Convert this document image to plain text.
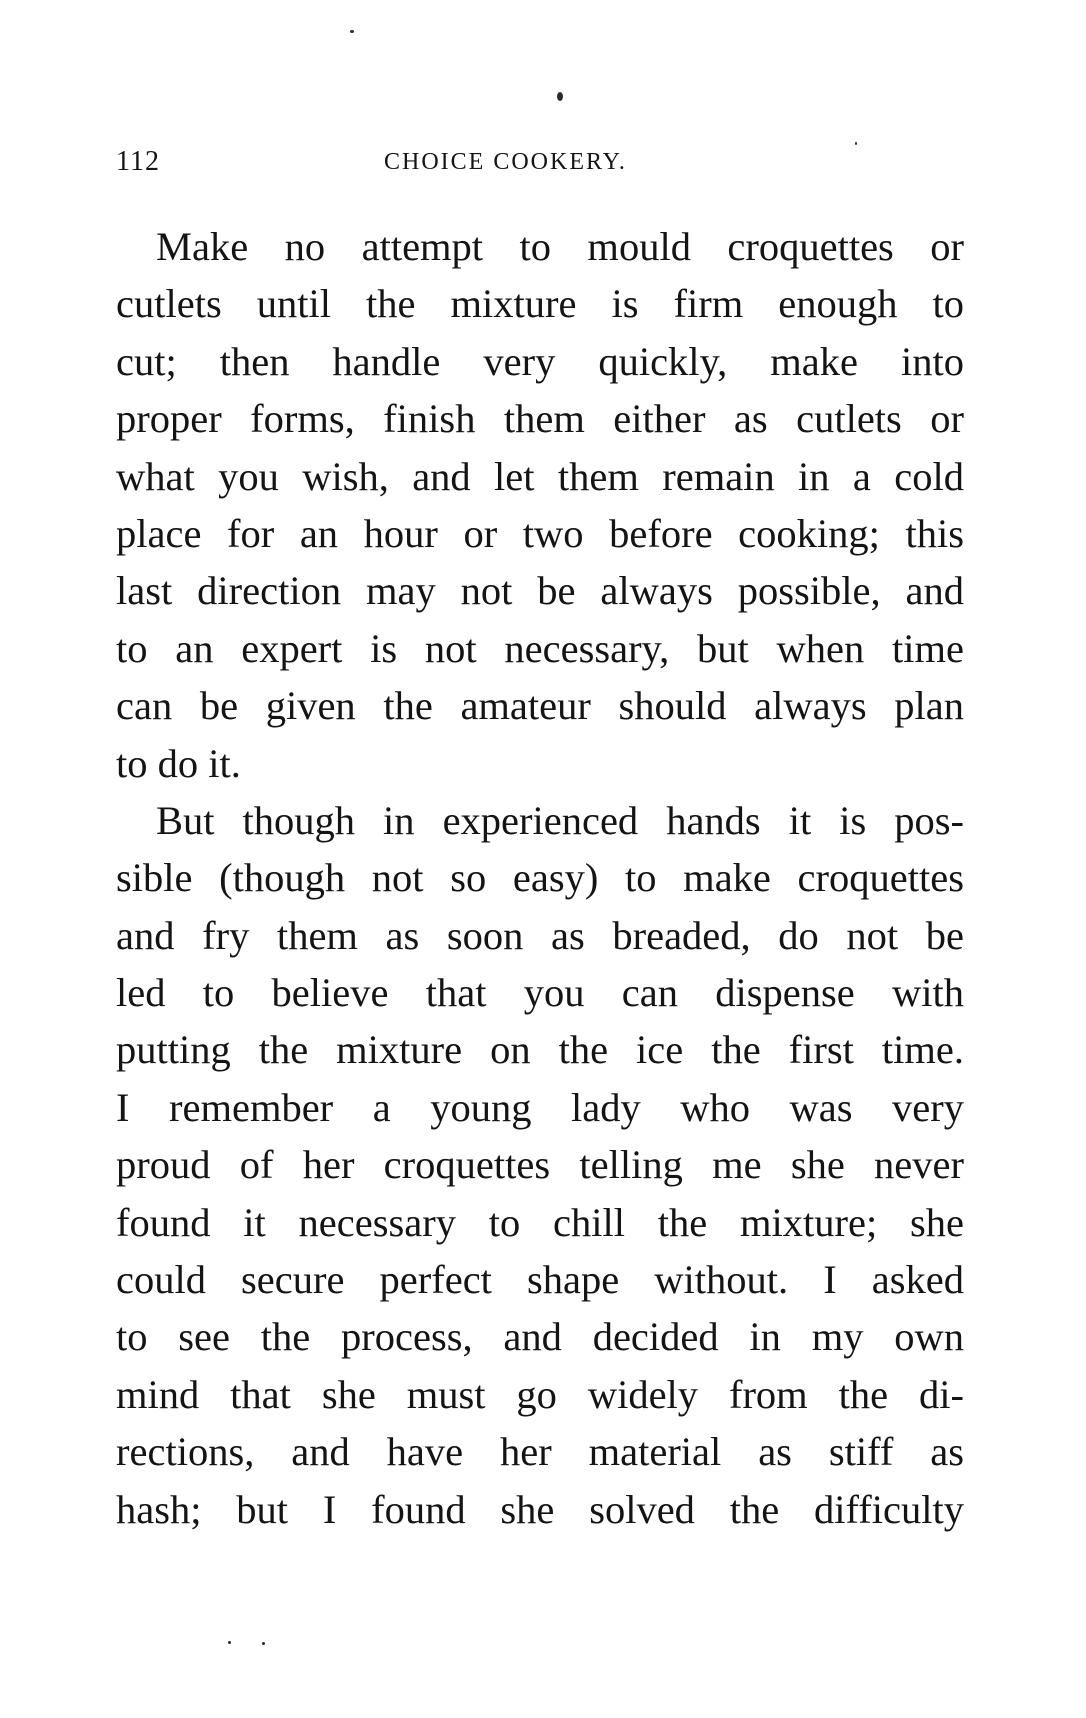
112	CHOICE COOKERY.
Make no attempt to mould croquettes or
cutlets until the mixture is firm enough to
cut; then handle very quickly, make into
proper forms, finish them either as cutlets or
what you wish, and let them remain in a cold
place for an hour or two before cooking; this
last direction may not be always possible, and
to an expert is not necessary, but when time
can be given the amateur should always plan
to do it.
But though in experienced hands it is pos-
sible (though not so easy) to make croquettes
and fry them as soon as breaded, do not be
led to believe that you can dispense with
putting the mixture on the ice the first time.
I remember a young lady who was very
proud of her croquettes telling me she never
found it necessary to chill the mixture; she
could secure perfect shape without. I asked
to see the process, and decided in my own
mind that she must go widely from the di-
rections, and have her material as stiff as
hash; but I found she solved the difficulty
